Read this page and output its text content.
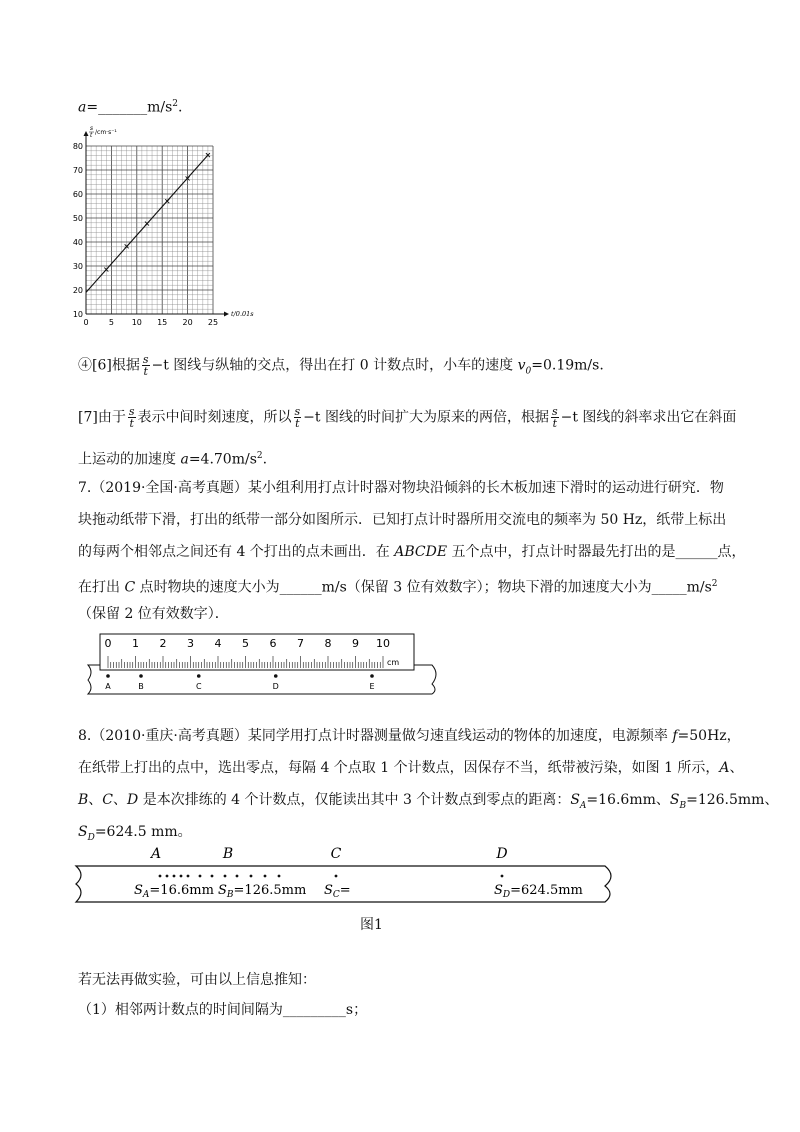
$a=\_\_\_\_\_\_\_m/s^2$.
0	5 10 15 20 25
10
20
30
40
50
60
70
80
t/0.01s
s
t /cm·s⁻¹
④[6]根据 $\frac{s}{t} -t$ 图线与纵轴的交点，得出在打 0 计数点时，小车的速度 $v_0=0.19m/s$.
[7]由于 $\frac{s}{t}$ 表示中间时刻速度，所以 $\frac{s}{t} -t$ 图线的时间扩大为原来的两倍，根据 $\frac{s}{t} -t$ 图线的斜率求出它在斜面
上运动的加速度 $a=4.70m/s^2$.
7.（2019·全国·高考真题）某小组利用打点计时器对物块沿倾斜的长木板加速下滑时的运动进行研究．物
块拖动纸带下滑，打出的纸带一部分如图所示．已知打点计时器所用交流电的频率为 50 Hz，纸带上标出
的每两个相邻点之间还有 4 个打出的点未画出．在 ABCDE 五个点中，打点计时器最先打出的是______点，
在打出 C 点时物块的速度大小为______m/s（保留 3 位有效数字）；物块下滑的加速度大小为$\_\_\_\_\_m/s^2$
（保留 2 位有效数字）．
0 1 2 3 4 5 6 7 8 9 10
cm
A	B	C	D	E
8.（2010·重庆·高考真题）某同学用打点计时器测量做匀速直线运动的物体的加速度，电源频率 f=50Hz，
在纸带上打出的点中，选出零点，每隔 4 个点取 1 个计数点，因保存不当，纸带被污染，如图 1 所示，A、
B、C、D 是本次排练的 4 个计数点，仅能读出其中 3 个计数点到零点的距离：$S_A=16.6mm$、$S_B=126.5mm$、
$S_D=624.5$ mm。
A	B	C	D
$S_A=16.6mm$ $S_B=126.5mm$ $S_C=$	$S_D=624.5mm$
图1
若无法再做实验，可由以上信息推知：
（1）相邻两计数点的时间间隔为_________s；
